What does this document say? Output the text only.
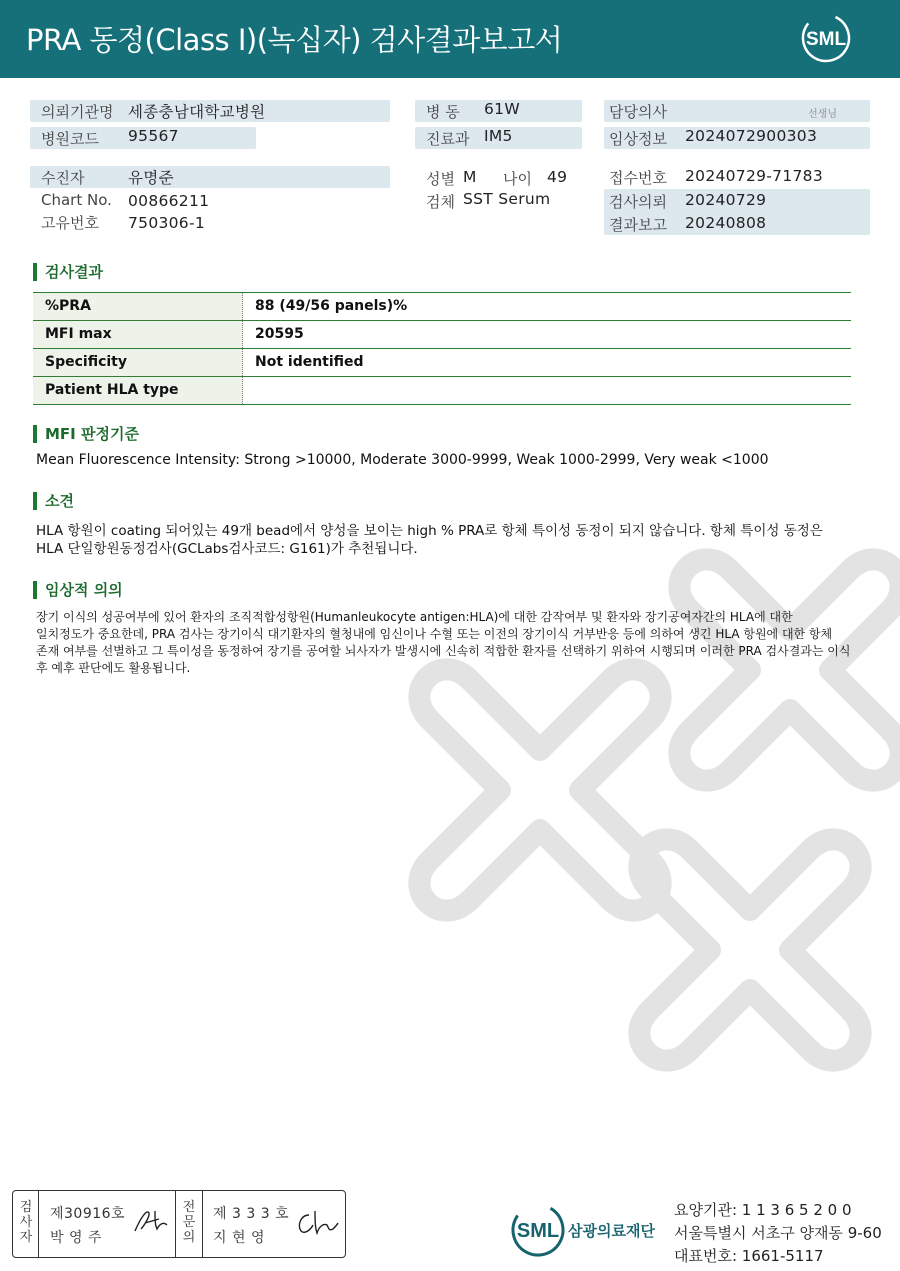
PRA 동정(Class I)(녹십자) 검사결과보고서	SML
의뢰기관명 세종충남대학교병원
병원코드 95567
병 동 61W
진료과 IM5
담당의사	선생님
임상정보 2024072900303
수진자	유명준
Chart No. 00866211
고유번호 750306-1
성별 M 나이 49
검체 SST Serum
접수번호 20240729-71783
검사의뢰 20240729
결과보고 20240808
검사결과
%PRA	88 (49/56 panels)%
MFI max	20595
Specificity	Not identified
Patient HLA type
MFI 판정기준
Mean Fluorescence Intensity: Strong >10000, Moderate 3000-9999, Weak 1000-2999, Very weak <1000
소견
HLA 항원이 coating 되어있는 49개 bead에서 양성을 보이는 high % PRA로 항체 특이성 동정이 되지 않습니다. 항체 특이성 동정은
HLA 단일항원동정검사(GCLabs검사코드: G161)가 추천됩니다.
임상적 의의
장기 이식의 성공여부에 있어 환자의 조직적합성항원(Humanleukocyte antigen:HLA)에 대한 감작여부 및 환자와 장기공여자간의 HLA에 대한
일치정도가 중요한데, PRA 검사는 장기이식 대기환자의 혈청내에 임신이나 수혈 또는 이전의 장기이식 거부반응 등에 의하여 생긴 HLA 항원에 대한 항체
존재 여부를 선별하고 그 특이성을 동정하여 장기를 공여할 뇌사자가 발생시에 신속히 적합한 환자를 선택하기 위하여 시행되며 이러한 PRA 검사결과는 이식
후 예후 판단에도 활용됩니다.
검사자
제30916호
박 영 주
전문의
제 3 3 3 호
지 현 영	SML 삼광의료재단
요양기관: 1 1 3 6 5 2 0 0
서울특별시 서초구 양재동 9-60
대표번호: 1661-5117
